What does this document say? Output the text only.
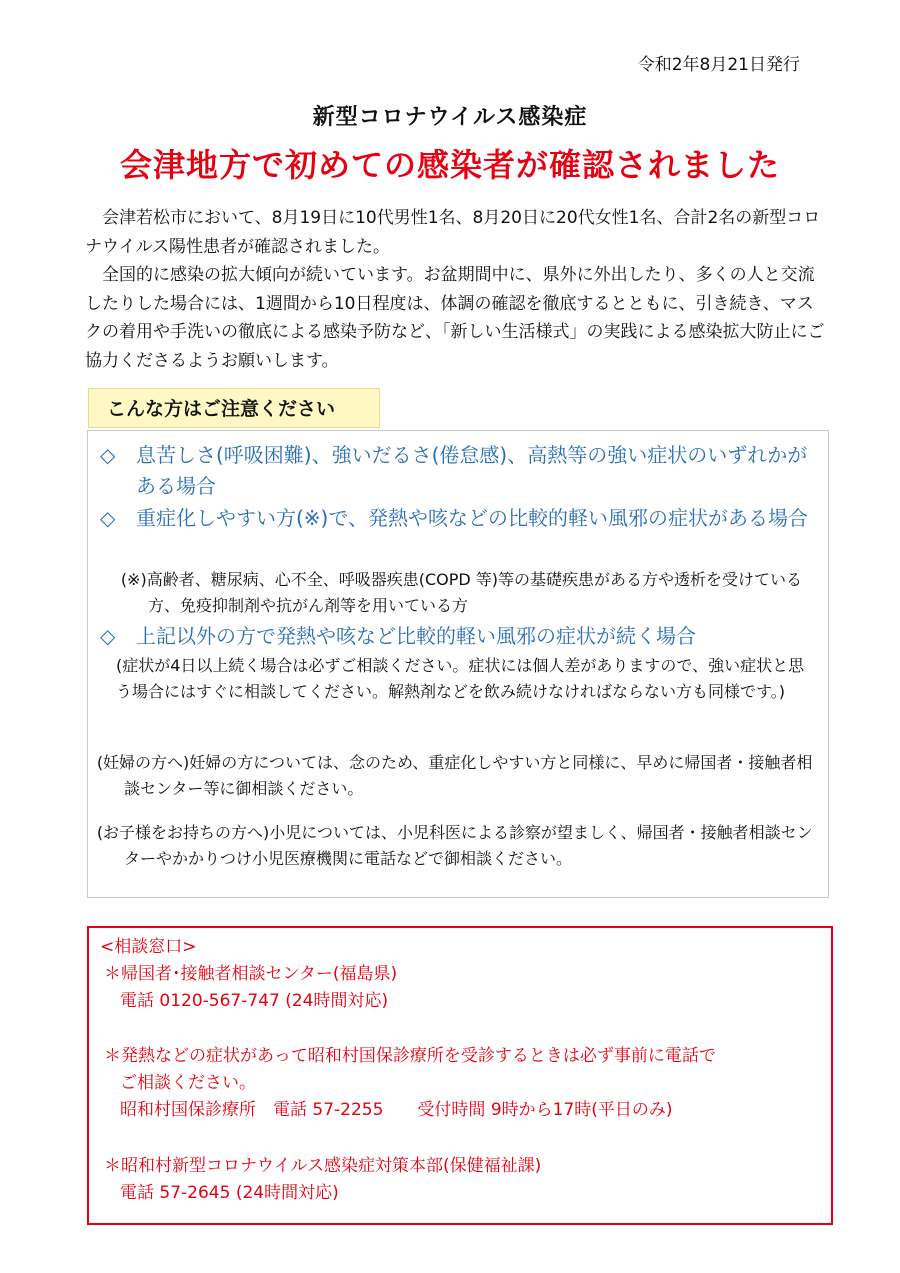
令和2年8月21日発行
新型コロナウイルス感染症
会津地方で初めての感染者が確認されました

会津若松市において、8月19日に10代男性1名、8月20日に20代女性1名、合計2名の新型コロナウイルス陽性患者が確認されました。

全国的に感染の拡大傾向が続いています。お盆期間中に、県外に外出したり、多くの人と交流したりした場合には、1週間から10日程度は、体調の確認を徹底するとともに、引き続き、マスクの着用や手洗いの徹底による感染予防など、「新しい生活様式」の実践による感染拡大防止にご協力くださるようお願いします。

こんな方はご注意ください
◇	息苦しさ(呼吸困難)、強いだるさ(倦怠感)、高熱等の強い症状のいずれかがある場合
◇	重症化しやすい方(※)で、発熱や咳などの比較的軽い風邪の症状がある場合
(※)高齢者、糖尿病、心不全、呼吸器疾患(COPD 等)等の基礎疾患がある方や透析を受けている方、免疫抑制剤や抗がん剤等を用いている方
◇	上記以外の方で発熱や咳など比較的軽い風邪の症状が続く場合
(症状が4日以上続く場合は必ずご相談ください。症状には個人差がありますので、強い症状と思う場合にはすぐに相談してください。解熱剤などを飲み続けなければならない方も同様です。)
(妊婦の方へ)妊婦の方については、念のため、重症化しやすい方と同様に、早めに帰国者・接触者相談センター等に御相談ください。
(お子様をお持ちの方へ)小児については、小児科医による診察が望ましく、帰国者・接触者相談センターやかかりつけ小児医療機関に電話などで御相談ください。
<相談窓口>
＊帰国者･接触者相談センター(福島県)
電話 0120-567-747 (24時間対応)
＊発熱などの症状があって昭和村国保診療所を受診するときは必ず事前に電話で
ご相談ください。
昭和村国保診療所　電話 57-2255　　受付時間 9時から17時(平日のみ)
＊昭和村新型コロナウイルス感染症対策本部(保健福祉課)
電話 57-2645 (24時間対応)
